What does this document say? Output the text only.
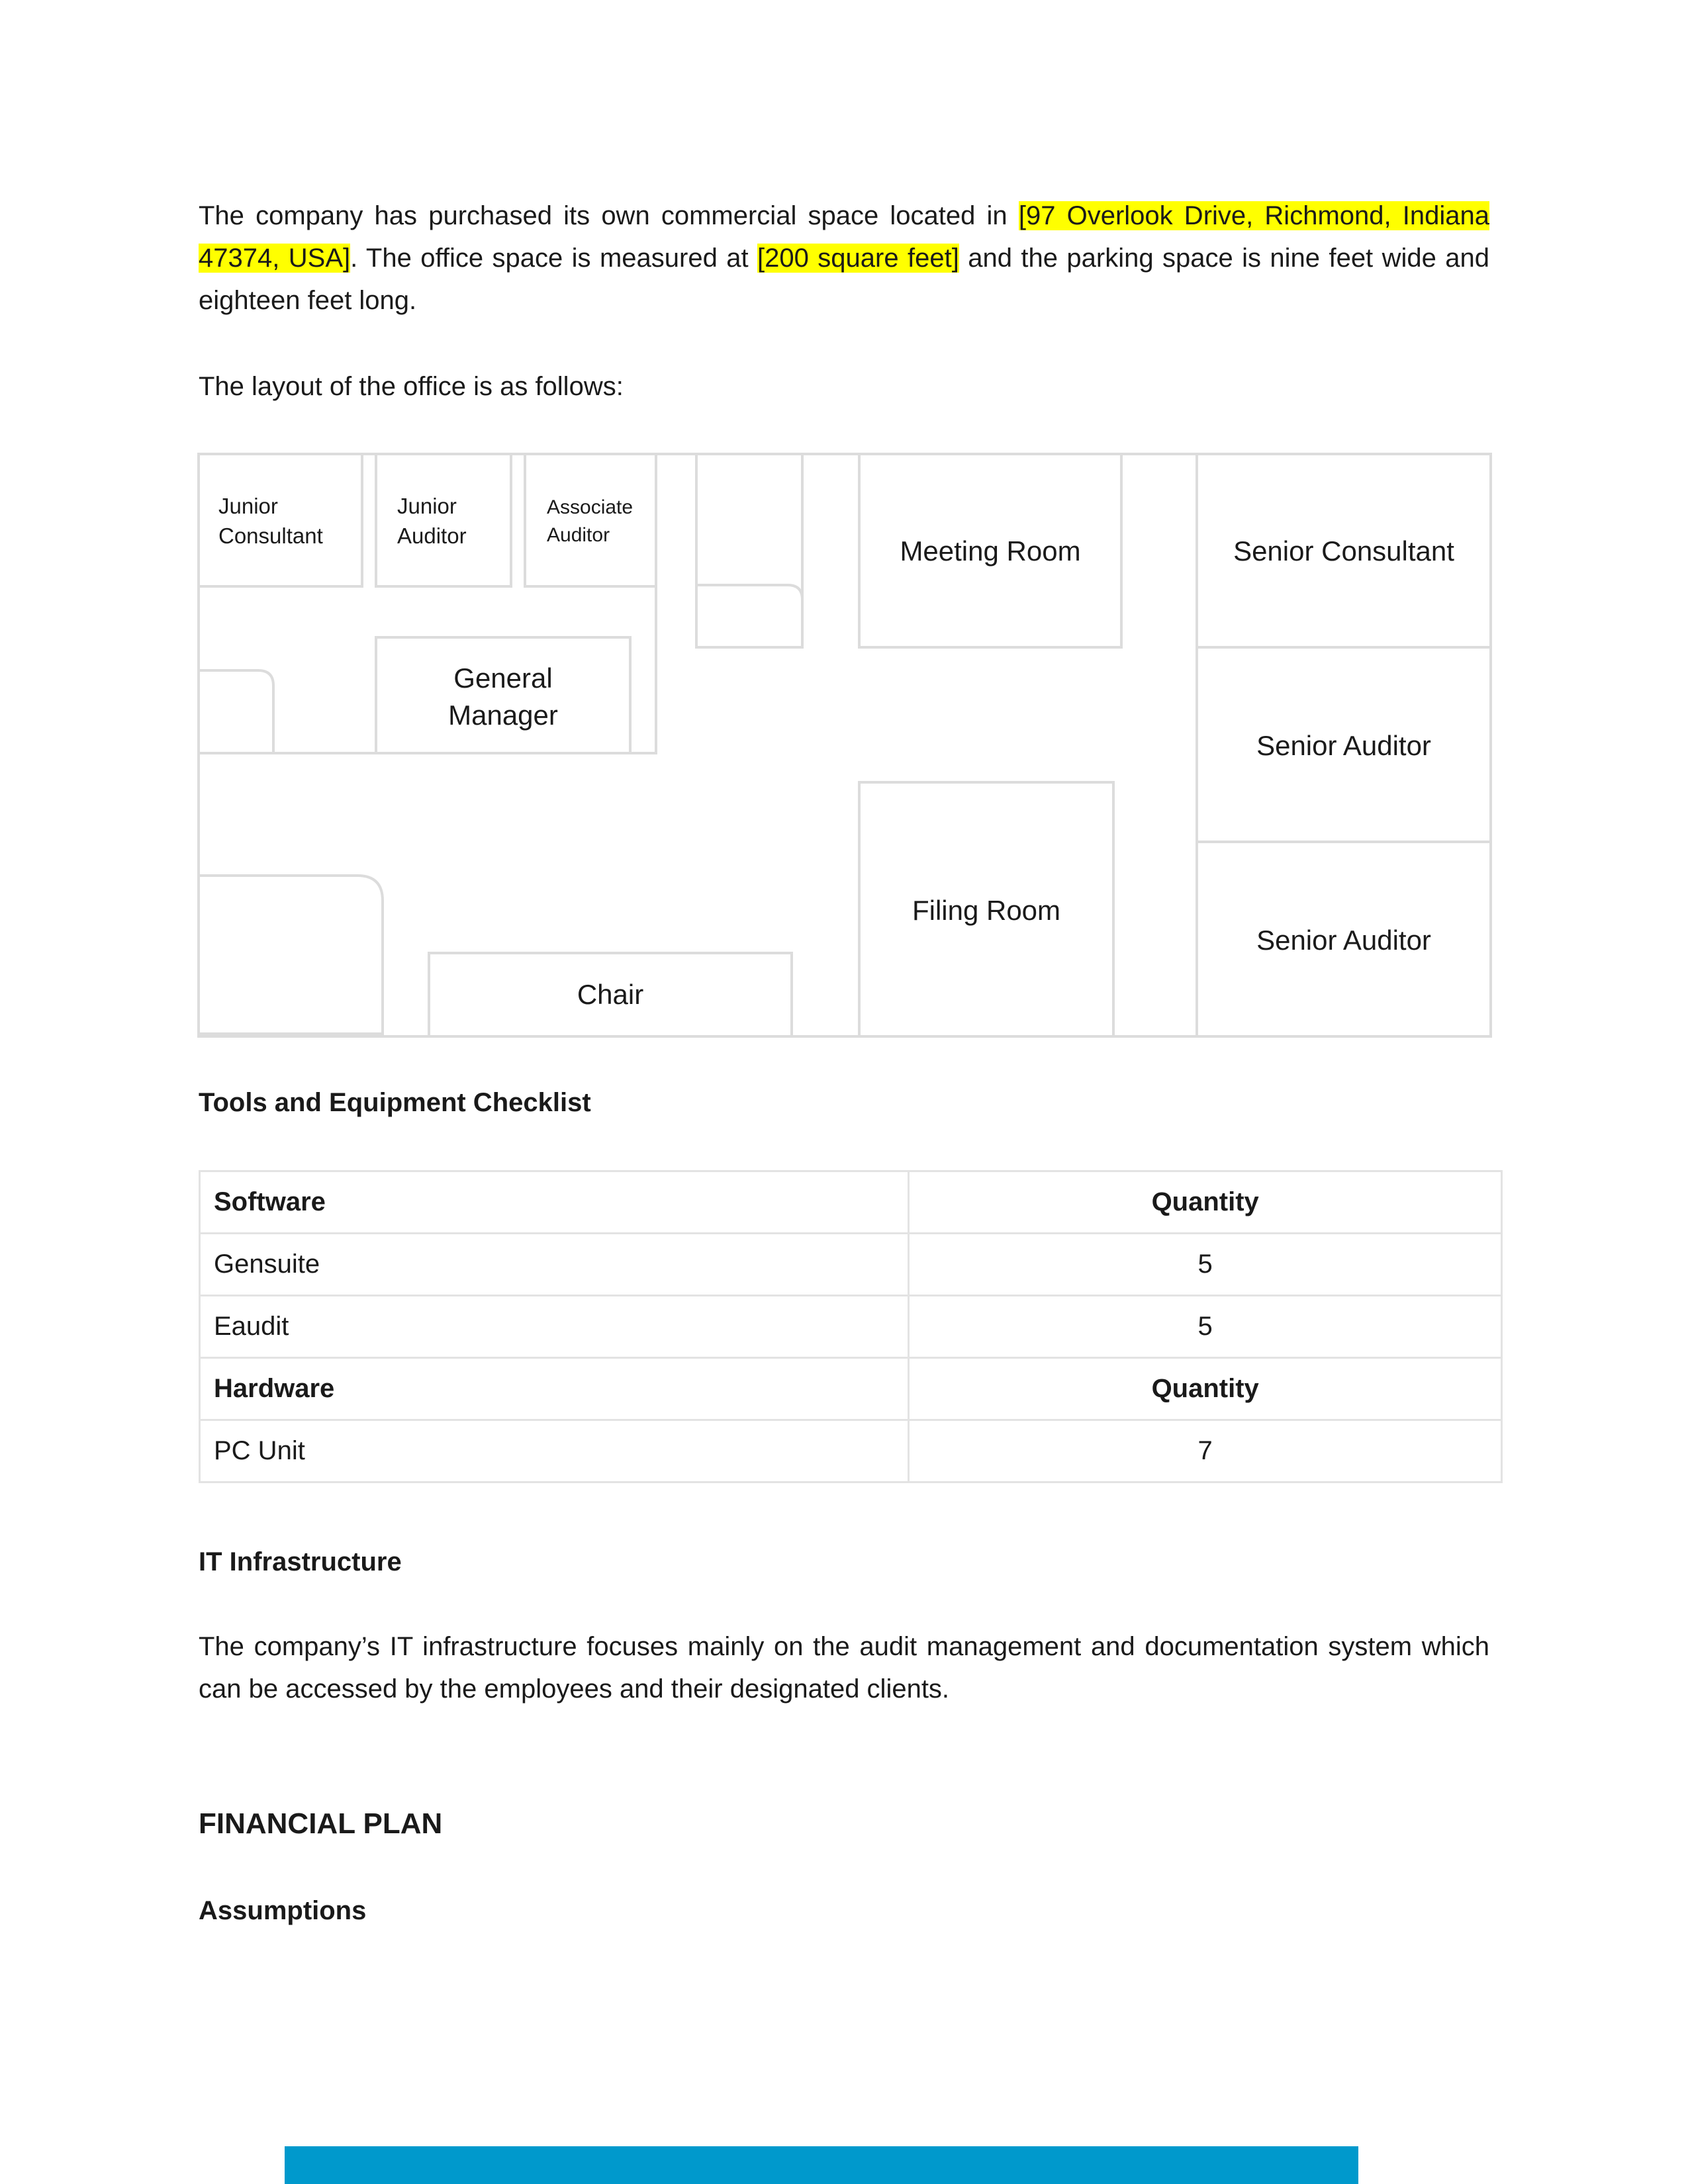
The company has purchased its own commercial space located in [97 Overlook Drive, Richmond, Indiana 47374, USA]. The office space is measured at [200 square feet] and the parking space is nine feet wide and eighteen feet long.
The layout of the office is as follows:
Junior
Consultant
Junior
Auditor
Associate
Auditor
Meeting Room	Senior Consultant
General
Manager
Senior Auditor
Senior Auditor
Filing Room
Chair
Tools and Equipment Checklist
Software	Quantity
Gensuite	5
Eaudit	5
Hardware	Quantity
PC Unit	7
IT Infrastructure
The company’s IT infrastructure focuses mainly on the audit management and documentation system which can be accessed by the employees and their designated clients.
FINANCIAL PLAN
Assumptions
